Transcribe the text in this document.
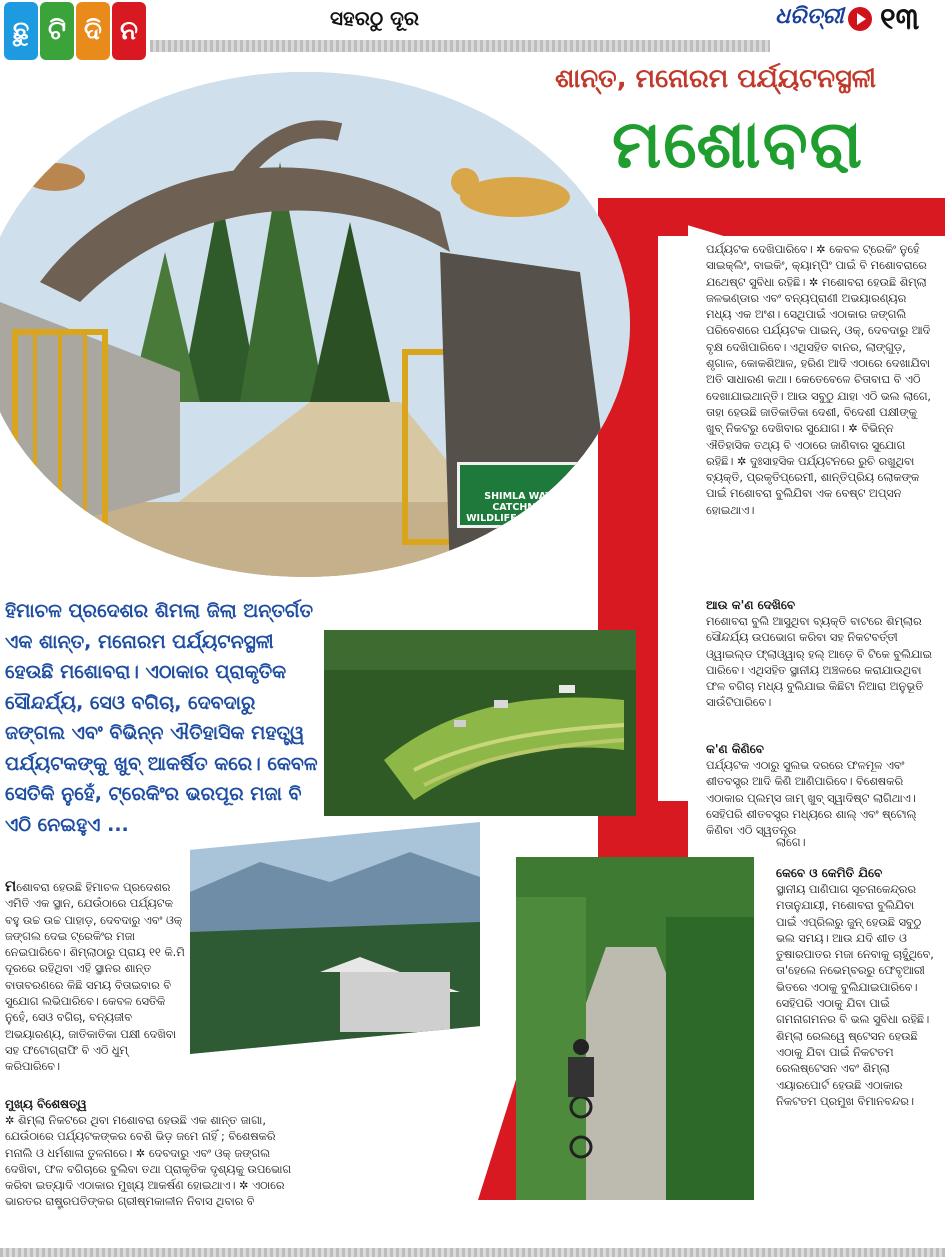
ଛୁ ଟି ଦି ନ	ସହରଠୁ ଦୂର	ଧରିତ୍ରୀ ୧୩
ଶାନ୍ତ, ମନୋରମ ପର୍ଯ୍ୟଟନସ୍ଥଳୀ
ମଶୋବରା
SHIMLA WATER CATCHMENT
WILDLIFE SANCTUARY
ପର୍ଯ୍ୟଟକ ଦେଖିପାରିବେ। ✲ କେବଳ ଟ୍ରେକିଂ ନୁହେଁ ସାଇକ୍ଲିଂ, ବାଇକିଂ, କ୍ୟାମ୍ପିଂ ପାଇଁ ବି ମଶୋବରାରେ ଯଥେଷ୍ଟ ସୁବିଧା ରହିଛି। ✲ ମଶୋବରା ହେଉଛି ଶିମ୍ଲା ଜଳଭଣ୍ଡାର ଏବଂ ବନ୍ୟପ୍ରାଣୀ ଅଭୟାରଣ୍ୟର ମଧ୍ୟ ଏକ ଅଂଶ। ସେଥିପାଇଁ ଏଠାକାର ଜଙ୍ଗଲି ପରିବେଶରେ ପର୍ଯ୍ୟଟକ ପାଇନ୍, ଓକ୍, ଦେବଦାରୁ ଆଦି ବୃକ୍ଷ ଦେଖିପାରିବେ। ଏଥିସହିତ ବାନର, ଲାଙ୍ଗୁଡ଼, ଶୃଗାଳ, କୋକଶିଆଳ, ହରିଣ ଆଦି ଏଠାରେ ଦେଖାଯିବା ଅତି ସାଧାରଣ କଥା। କେତେବେଳେ ଚିତାବାଘ ବି ଏଠି ଦେଖାଯାଇଥାନ୍ତି। ଆଉ ସବୁଠୁ ଯାହା ଏଠି ଭଲ ଲାଗେ, ତାହା ହେଉଛି ଜାତିକାତିକା ଦେଶୀ, ବିଦେଶୀ ପକ୍ଷୀଙ୍କୁ ଖୁବ୍ ନିକଟରୁ ଦେଖିବାର ସୁଯୋଗ। ✲ ବିଭିନ୍ନ ଐତିହାସିକ ତଥ୍ୟ ବି ଏଠାରେ ଜାଣିବାର ସୁଯୋଗ ରହିଛି। ✲ ଦୁଃସାହସିକ ପର୍ଯ୍ୟଟନରେ ରୁଚି ରଖୁଥିବା ବ୍ୟକ୍ତି, ପ୍ରକୃତିପ୍ରେମୀ, ଶାନ୍ତିପ୍ରିୟ ଲୋକଙ୍କ ପାଇଁ ମଶୋବରା ବୁଲିଯିବା ଏକ ବେଷ୍ଟ ଅପ୍ସନ ହୋଇଥାଏ।
ଆଉ କ'ଣ ଦେଖିବେ
ମଶୋବରା ବୁଲି ଆସୁଥିବା ବ୍ୟକ୍ତି ବାଟରେ ଶିମ୍ଲାର ସୌନ୍ଦର୍ଯ୍ୟ ଉପଭୋଗ କରିବା ସହ ନିକଟବର୍ତ୍ତୀ ଓ୍ୱାଇଲ୍ଡ ଫ୍ଲାଓ୍ୱାର୍ ହଲ୍ ଆଡ଼େ ବି ଟିକେ ବୁଲିଯାଇ ପାରିବେ। ଏଥିସହିତ ସ୍ଥାନୀୟ ଅଞ୍ଚଳରେ କରାଯାଉଥିବା ଫଳ ବଗିଚା ମଧ୍ୟ ବୁଲିଯାଇ କିଛିଟା ନିଆରା ଅନୁଭୂତି ସାଉଁଟିପାରିବେ।
କ'ଣ କିଣିବେ
ପର୍ଯ୍ୟଟକ ଏଠାରୁ ସୁଲଭ ଦରରେ ଫଳମୂଳ ଏବଂ ଶୀତବସ୍ତ୍ର ଆଦି କିଣି ଆଣିପାରିବେ। ବିଶେଷକରି ଏଠାକାର ପ୍ଲମ୍ସ ଜାମ୍ ଖୁବ୍ ସ୍ୱାଦିଷ୍ଟ ଲାଗିଥାଏ। ସେହିପରି ଶୀତବସ୍ତ୍ର ମଧ୍ୟରେ ଶାଲ୍ ଏବଂ ଷ୍ଟୋଲ୍ କିଣିବା ଏଠି ସ୍ୱତନ୍ତ୍ର
ଲାଗେ।
କେବେ ଓ କେମିତି ଯିବେ
ସ୍ଥାନୀୟ ପାଣିପାଗ ସୂଚନାକେନ୍ଦ୍ରର ମତାନୁଯାୟୀ, ମଶୋବରା ବୁଲିଯିବା ପାଇଁ ଏପ୍ରିଲରୁ ଜୁନ୍ ହେଉଛି ସବୁଠୁ ଭଲ ସମୟ। ଆଉ ଯଦି ଶୀତ ଓ ତୁଷାରପାତର ମଜା ନେବାକୁ ଚାହୁଁଥିବେ, ତା'ହେଲେ ନଭେମ୍ବରରୁ ଫେବୃଆରୀ ଭିତରେ ଏଠାକୁ ବୁଲିଯାଇପାରିବେ। ସେହିପରି ଏଠାକୁ ଯିବା ପାଇଁ ଗମନାଗମନର ବି ଭଲ ସୁବିଧା ରହିଛି। ଶିମ୍ଲା ରେଲୱେ ଷ୍ଟେସନ ହେଉଛି ଏଠାକୁ ଯିବା ପାଇଁ ନିକଟତମ ରେଲଷ୍ଟେସନ ଏବଂ ଶିମ୍ଲା ଏୟାରପୋର୍ଟ ହେଉଛି ଏଠାକାର ନିକଟତମ ପ୍ରମୁଖ ବିମାନବନ୍ଦର।
ହିମାଚଳ ପ୍ରଦେଶର ଶିମଲା ଜିଲା ଅନ୍ତର୍ଗତ ଏକ ଶାନ୍ତ, ମନୋରମ ପର୍ଯ୍ୟଟନସ୍ଥଳୀ ହେଉଛି ମଶୋବରା। ଏଠାକାର ପ୍ରାକୃତିକ ସୌନ୍ଦର୍ଯ୍ୟ, ସେଓ ବଗିଚା, ଦେବଦାରୁ ଜଙ୍ଗଲ ଏବଂ ବିଭିନ୍ନ ଐତିହାସିକ ମହତ୍ତ୍ୱ ପର୍ଯ୍ୟଟକଙ୍କୁ ଖୁବ୍ ଆକର୍ଷିତ କରେ। କେବଳ ସେତିକି ନୁହେଁ, ଟ୍ରେକିଂର ଭରପୂର ମଜା ବି ଏଠି ନେଇହୁଏ ...
ମଶୋବରା ହେଉଛି ହିମାଚଳ ପ୍ରଦେଶର ଏମିତି ଏକ ସ୍ଥାନ, ଯେଉଁଠାରେ ପର୍ଯ୍ୟଟକ ବହୁ ଉଚ୍ଚ ଉଚ୍ଚ ପାହାଡ଼, ଦେବଦାରୁ ଏବଂ ଓକ୍ ଜଙ୍ଗଲ ଦେଇ ଟ୍ରେକିଂର ମଜା ନେଇପାରିବେ। ଶିମ୍ଲାଠାରୁ ପ୍ରାୟ ୧୧ କି.ମି ଦୂରରେ ରହିଥିବା ଏହି ସ୍ଥାନର ଶାନ୍ତ ବାତାବରଣରେ କିଛି ସମୟ ବିତାଇବାର ବି ସୁଯୋଗ ଲଭିପାରିବେ। କେବଳ ସେତିକି ନୁହେଁ, ସେଓ ବଗିଚା, ବନ୍ୟଜୀବ ଅଭୟାରଣ୍ୟ, ଜାତିକାତିକା ପକ୍ଷୀ ଦେଖିବା ସହ ଫଟୋଗ୍ରାଫି ବି ଏଠି ଧୁମ୍ କରିପାରିବେ।
ମୁଖ୍ୟ ବିଶେଷତ୍ୱ
✲ ଶିମ୍ଲା ନିକଟରେ ଥିବା ମଶୋବରା ହେଉଛି ଏକ ଶାନ୍ତ ଜାଗା, ଯେଉଁଠାରେ ପର୍ଯ୍ୟଟକଙ୍କର ବେଶି ଭିଡ଼ ଜମେ ନାହିଁ ; ବିଶେଷକରି ମନାଲି ଓ ଧର୍ମଶାଳା ତୁଳନାରେ। ✲ ଦେବଦାରୁ ଏବଂ ଓକ୍ ଜଙ୍ଗଲ ଦେଖିବା, ଫଳ ବଗିଚାରେ ବୁଲିବା ତଥା ପ୍ରାକୃତିକ ଦୃଶ୍ୟକୁ ଉପଭୋଗ କରିବା ଇତ୍ୟାଦି ଏଠାକାର ମୁଖ୍ୟ ଆକର୍ଷଣ ହୋଇଥାଏ। ✲ ଏଠାରେ ଭାରତର ରାଷ୍ଟ୍ରପତିଙ୍କର ଗ୍ରୀଷ୍ମକାଳୀନ ନିବାସ ଥିବାର ବି
